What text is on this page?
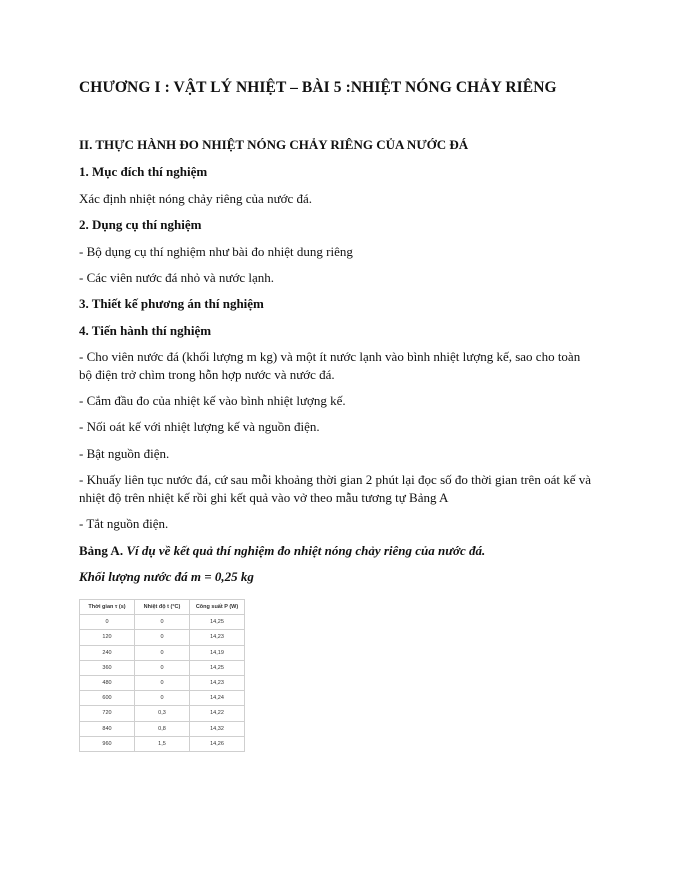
CHƯƠNG I : VẬT LÝ NHIỆT – BÀI 5 :NHIỆT NÓNG CHẢY RIÊNG
II. THỰC HÀNH ĐO NHIỆT NÓNG CHẢY RIÊNG CỦA NƯỚC ĐÁ
1. Mục đích thí nghiệm
Xác định nhiệt nóng chảy riêng của nước đá.
2. Dụng cụ thí nghiệm
- Bộ dụng cụ thí nghiệm như bài đo nhiệt dung riêng
- Các viên nước đá nhỏ và nước lạnh.
3. Thiết kế phương án thí nghiệm
4. Tiến hành thí nghiệm
- Cho viên nước đá (khối lượng m kg) và một ít nước lạnh vào bình nhiệt lượng kế, sao cho toàn bộ điện trở chìm trong hỗn hợp nước và nước đá.
- Cắm đầu đo của nhiệt kế vào bình nhiệt lượng kế.
- Nối oát kế với nhiệt lượng kế và nguồn điện.
- Bật nguồn điện.
- Khuấy liên tục nước đá, cứ sau mỗi khoảng thời gian 2 phút lại đọc số đo thời gian trên oát kế và nhiệt độ trên nhiệt kế rồi ghi kết quả vào vở theo mẫu tương tự Bảng A
- Tắt nguồn điện.
Bảng A. Ví dụ về kết quả thí nghiệm đo nhiệt nóng chảy riêng của nước đá.
Khối lượng nước đá m = 0,25 kg
Thời gian τ (s)	Nhiệt độ t (°C)	Công suất P (W)
0	0	14,25
120	0	14,23
240	0	14,19
360	0	14,25
480	0	14,23
600	0	14,24
720	0,3	14,22
840	0,8	14,32
960	1,5	14,26
